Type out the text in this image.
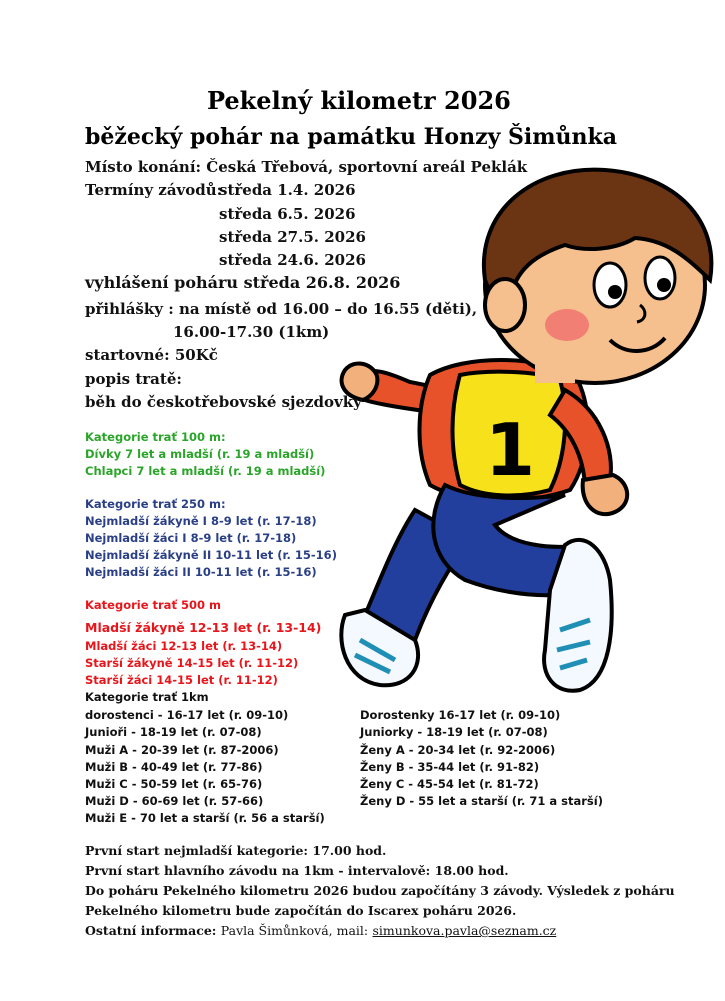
1
Pekelný kilometr 2026
běžecký pohár na památku Honzy Šimůnka
Místo konání: Česká Třebová, sportovní areál Peklák
Termíny závodů:
středa 1.4. 2026
středa 6.5. 2026
středa 27.5. 2026
středa 24.6. 2026
vyhlášení poháru středa 26.8. 2026
přihlášky : na místě od 16.00 – do 16.55 (děti),
16.00-17.30 (1km)
startovné: 50Kč
popis tratě:
běh do českotřebovské sjezdovky
Kategorie trať 100 m:
Dívky 7 let a mladší (r. 19 a mladší)
Chlapci 7 let a mladší (r. 19 a mladší)
Kategorie trať 250 m:
Nejmladší žákyně I 8-9 let (r. 17-18)
Nejmladší žáci I 8-9 let (r. 17-18)
Nejmladší žákyně II 10-11 let (r. 15-16)
Nejmladší žáci II 10-11 let (r. 15-16)
Kategorie trať 500 m
Mladší žákyně 12-13 let (r. 13-14)
Mladší žáci 12-13 let (r. 13-14)
Starší žákyně 14-15 let (r. 11-12)
Starší žáci 14-15 let (r. 11-12)
Kategorie trať 1km
dorostenci - 16-17 let (r. 09-10)
Junioři - 18-19 let (r. 07-08)
Muži A - 20-39 let (r. 87-2006)
Muži B - 40-49 let (r. 77-86)
Muži C - 50-59 let (r. 65-76)
Muži D - 60-69 let (r. 57-66)
Muži E - 70 let a starší (r. 56 a starší)
Dorostenky 16-17 let (r. 09-10)
Juniorky - 18-19 let (r. 07-08)
Ženy A - 20-34 let (r. 92-2006)
Ženy B - 35-44 let (r. 91-82)
Ženy C - 45-54 let (r. 81-72)
Ženy D - 55 let a starší (r. 71 a starší)
První start nejmladší kategorie: 17.00 hod.
První start hlavního závodu na 1km - intervalově: 18.00 hod.
Do poháru Pekelného kilometru 2026 budou započítány 3 závody. Výsledek z poháru
Pekelného kilometru bude započítán do Iscarex poháru 2026.
Ostatní informace: Pavla Šimůnková, mail: simunkova.pavla@seznam.cz
